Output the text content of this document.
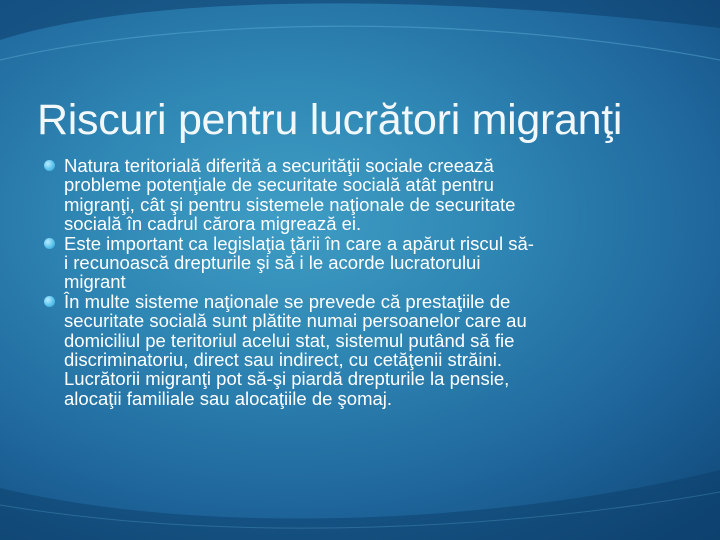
Riscuri pentru lucrători migranţi
Natura teritorială diferită a securităţii sociale creează
probleme potenţiale de securitate socială atât pentru
migranţi, cât şi pentru sistemele naţionale de securitate
socială în cadrul cărora migrează ei.
Este important ca legislaţia ţării în care a apărut riscul să-
i recunoască drepturile şi să i le acorde lucratorului
migrant
În multe sisteme naţionale se prevede că prestaţiile de
securitate socială sunt plătite numai persoanelor care au
domiciliul pe teritoriul acelui stat, sistemul putând să fie
discriminatoriu, direct sau indirect, cu cetăţenii străini.
Lucrătorii migranţi pot să-şi piardă drepturile la pensie,
alocaţii familiale sau alocaţiile de şomaj.
